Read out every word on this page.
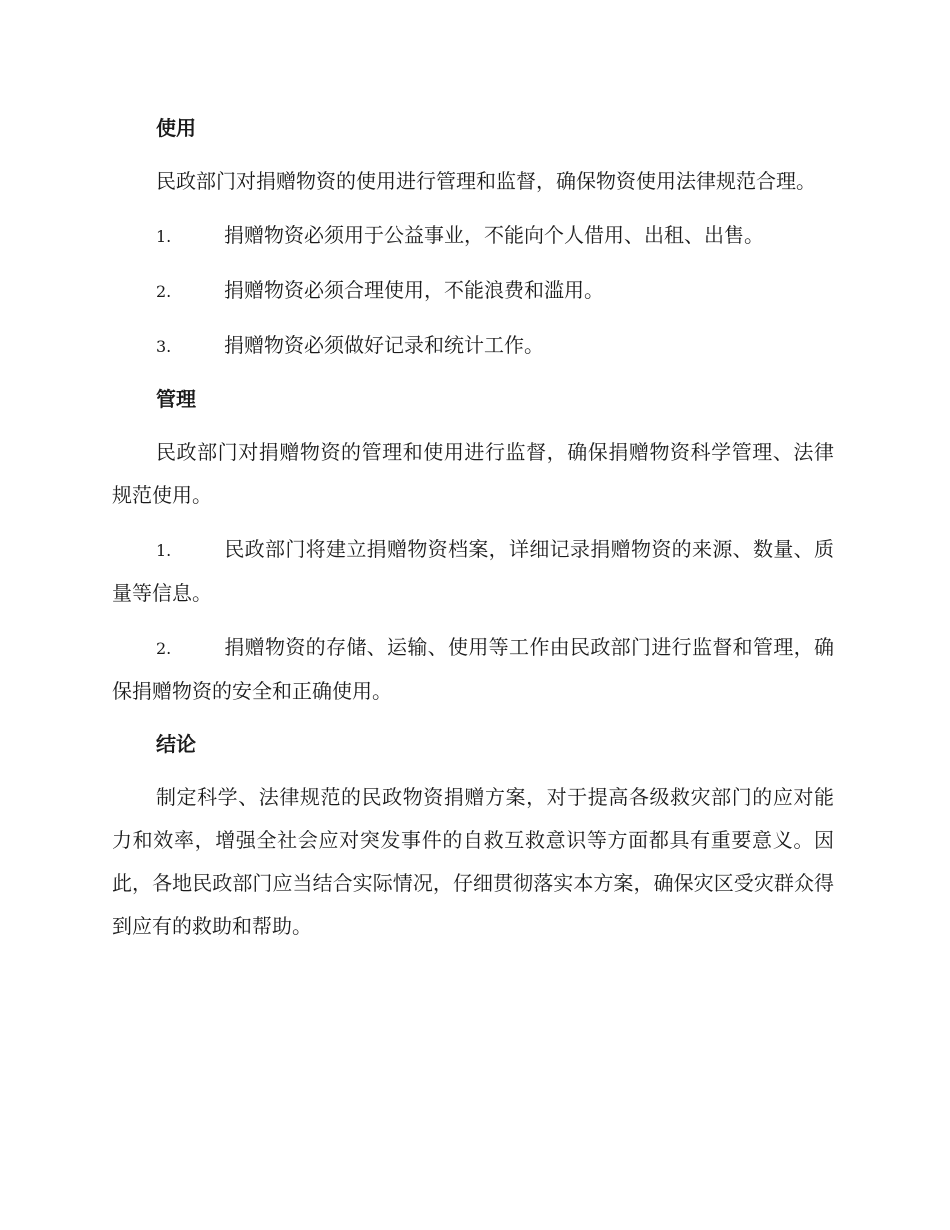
使用

民政部门对捐赠物资的使用进行管理和监督，确保物资使用法律规范合理。

1.	捐赠物资必须用于公益事业，不能向个人借用、出租、出售。

2.	捐赠物资必须合理使用，不能浪费和滥用。

3.	捐赠物资必须做好记录和统计工作。

管理

民政部门对捐赠物资的管理和使用进行监督，确保捐赠物资科学管理、法律规范使用。

1.	民政部门将建立捐赠物资档案，详细记录捐赠物资的来源、数量、质量等信息。

2.	捐赠物资的存储、运输、使用等工作由民政部门进行监督和管理，确保捐赠物资的安全和正确使用。

结论

制定科学、法律规范的民政物资捐赠方案，对于提高各级救灾部门的应对能力和效率，增强全社会应对突发事件的自救互救意识等方面都具有重要意义。因此，各地民政部门应当结合实际情况，仔细贯彻落实本方案，确保灾区受灾群众得到应有的救助和帮助。
